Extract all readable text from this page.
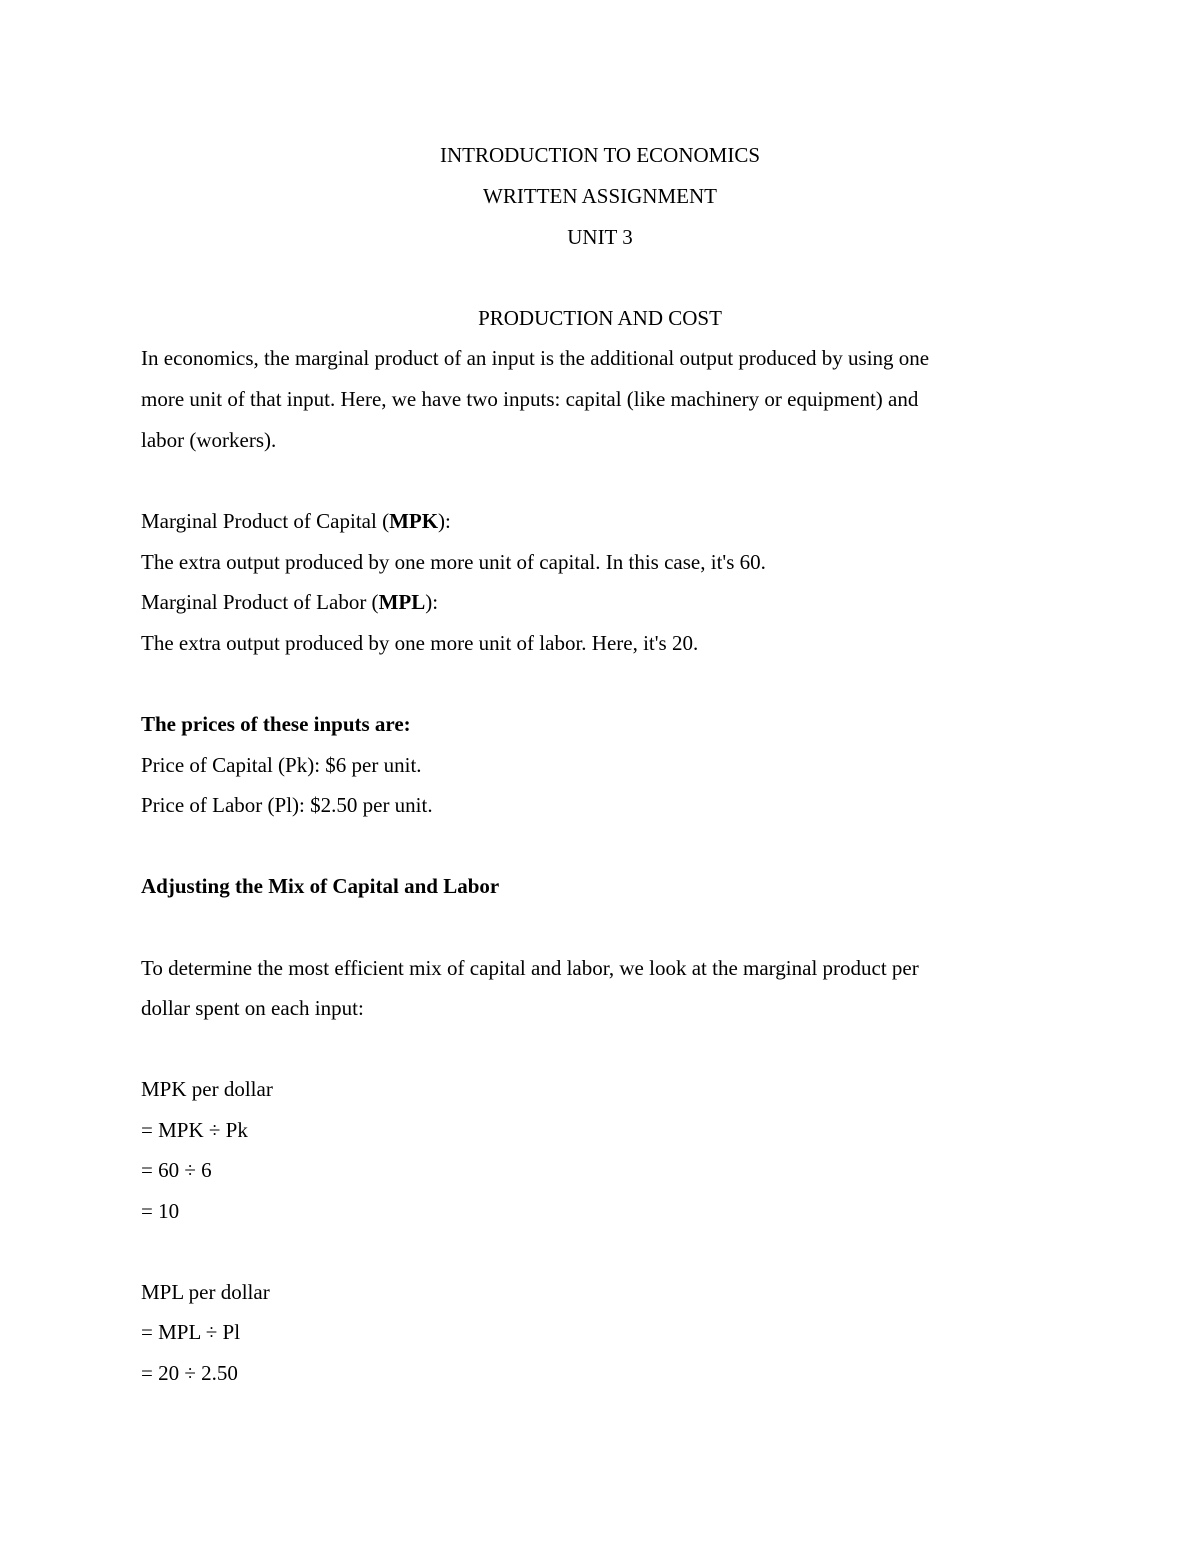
INTRODUCTION TO ECONOMICS
WRITTEN ASSIGNMENT
UNIT 3
PRODUCTION AND COST
In economics, the marginal product of an input is the additional output produced by using one
more unit of that input. Here, we have two inputs: capital (like machinery or equipment) and
labor (workers).
Marginal Product of Capital (MPK):
The extra output produced by one more unit of capital. In this case, it's 60.
Marginal Product of Labor (MPL):
The extra output produced by one more unit of labor. Here, it's 20.
The prices of these inputs are:
Price of Capital (Pk): $6 per unit.
Price of Labor (Pl): $2.50 per unit.
Adjusting the Mix of Capital and Labor
To determine the most efficient mix of capital and labor, we look at the marginal product per
dollar spent on each input:
MPK per dollar
= MPK ÷ Pk
= 60 ÷ 6
= 10
MPL per dollar
= MPL ÷ Pl
= 20 ÷ 2.50
